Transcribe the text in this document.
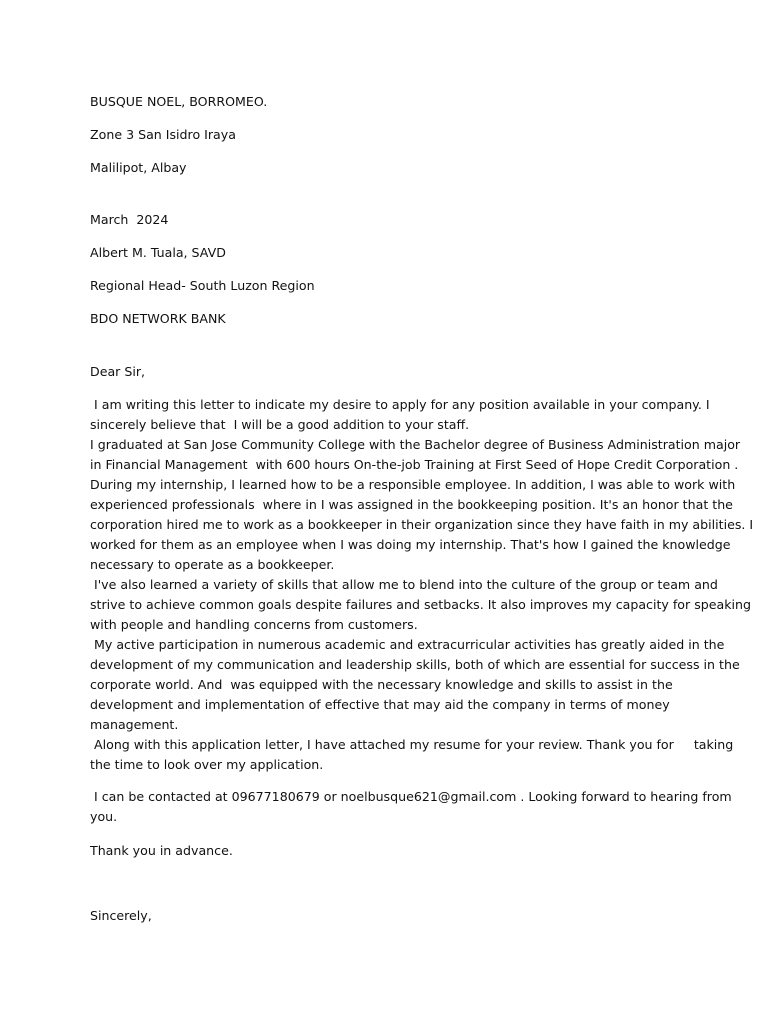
BUSQUE NOEL, BORROMEO.
Zone 3 San Isidro Iraya
Malilipot, Albay
March  2024
Albert M. Tuala, SAVD
Regional Head- South Luzon Region
BDO NETWORK BANK
Dear Sir,
I am writing this letter to indicate my desire to apply for any position available in your company. I
sincerely believe that  I will be a good addition to your staff.
I graduated at San Jose Community College with the Bachelor degree of Business Administration major
in Financial Management  with 600 hours On-the-job Training at First Seed of Hope Credit Corporation .
During my internship, I learned how to be a responsible employee. In addition, I was able to work with
experienced professionals  where in I was assigned in the bookkeeping position. It's an honor that the
corporation hired me to work as a bookkeeper in their organization since they have faith in my abilities. I
worked for them as an employee when I was doing my internship. That's how I gained the knowledge
necessary to operate as a bookkeeper.
I've also learned a variety of skills that allow me to blend into the culture of the group or team and
strive to achieve common goals despite failures and setbacks. It also improves my capacity for speaking
with people and handling concerns from customers.
My active participation in numerous academic and extracurricular activities has greatly aided in the
development of my communication and leadership skills, both of which are essential for success in the
corporate world. And  was equipped with the necessary knowledge and skills to assist in the
development and implementation of effective that may aid the company in terms of money
management.
Along with this application letter, I have attached my resume for your review. Thank you for     taking
the time to look over my application.
I can be contacted at 09677180679 or noelbusque621@gmail.com . Looking forward to hearing from
you.
Thank you in advance.
Sincerely,
